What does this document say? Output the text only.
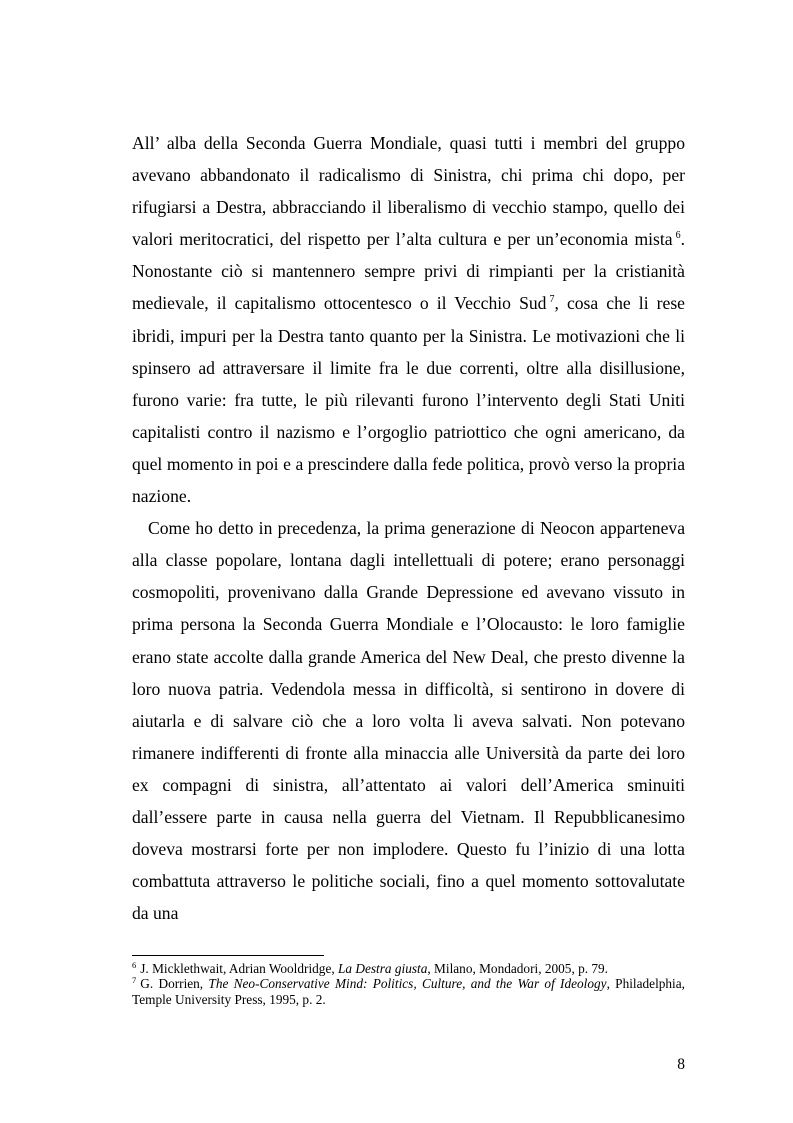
All’ alba della Seconda Guerra Mondiale, quasi tutti i membri del gruppo avevano abbandonato il radicalismo di Sinistra, chi prima chi dopo, per rifugiarsi a Destra, abbracciando il liberalismo di vecchio stampo, quello dei valori meritocratici, del rispetto per l’alta cultura e per un’economia mista $^6$. Nonostante ciò si mantennero sempre privi di rimpianti per la cristianità medievale, il capitalismo ottocentesco o il Vecchio Sud $^7$, cosa che li rese ibridi, impuri per la Destra tanto quanto per la Sinistra. Le motivazioni che li spinsero ad attraversare il limite fra le due correnti, oltre alla disillusione, furono varie: fra tutte, le più rilevanti furono l’intervento degli Stati Uniti capitalisti contro il nazismo e l’orgoglio patriottico che ogni americano, da quel momento in poi e a prescindere dalla fede politica, provò verso la propria nazione.

Come ho detto in precedenza, la prima generazione di Neocon apparteneva alla classe popolare, lontana dagli intellettuali di potere; erano personaggi cosmopoliti, provenivano dalla Grande Depressione ed avevano vissuto in prima persona la Seconda Guerra Mondiale e l’Olocausto: le loro famiglie erano state accolte dalla grande America del New Deal, che presto divenne la loro nuova patria. Vedendola messa in difficoltà, si sentirono in dovere di aiutarla e di salvare ciò che a loro volta li aveva salvati. Non potevano rimanere indifferenti di fronte alla minaccia alle Università da parte dei loro ex compagni di sinistra, all’attentato ai valori dell’America sminuiti dall’essere parte in causa nella guerra del Vietnam. Il Repubblicanesimo doveva mostrarsi forte per non implodere. Questo fu l’inizio di una lotta combattuta attraverso le politiche sociali, fino a quel momento sottovalutate da una

$^6$ J. Micklethwait, Adrian Wooldridge, La Destra giusta, Milano, Mondadori, 2005, p. 79.

$^7$ G. Dorrien, The Neo-Conservative Mind: Politics, Culture, and the War of Ideology, Philadelphia, Temple University Press, 1995, p. 2.

8
